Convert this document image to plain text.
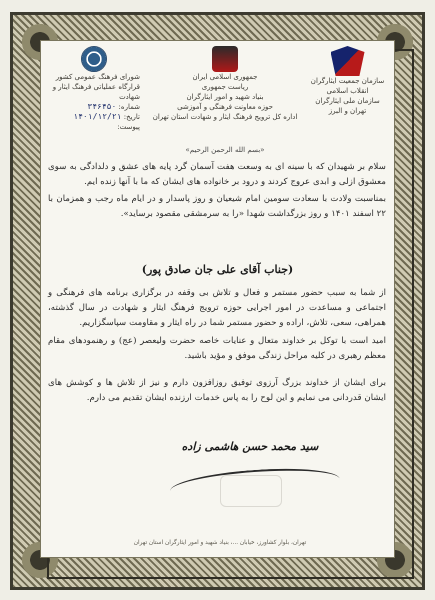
شورای فرهنگ عمومی کشور
قرارگاه عملیاتی فرهنگ ایثار و شهادت
شماره: ۳۴۶۴۵۰
تاریخ: ۱۴۰۱/۱۲/۲۱
پیوست:
جمهوری اسلامی ایران
ریاست جمهوری
بنیاد شهید و امور ایثارگران
حوزه معاونت فرهنگی و آموزشی
اداره کل ترویج فرهنگ ایثار و شهادت استان تهران
سازمان جمعیت ایثارگران انقلاب اسلامی
سازمان ملی ایثارگران
تهران و البرز
«بسم الله الرحمن الرحیم»
سلام بر شهیدان که با سینه ای به وسعت هفت آسمان گرد پایه های عشق و دلدادگی به سوی معشوق ازلی و ابدی عروج کردند و درود بر خانواده های ایشان که ما با آنها زنده ایم.
بمناسبت ولادت با سعادت سومین امام شیعیان و روز پاسدار و در ایام ماه رجب و همزمان با ۲۲ اسفند ۱۴۰۱ و روز بزرگداشت شهدا «را به سرمشقی مقصود برساید».
(جناب آقای علی جان صادق پور)
از شما به سبب حضور مستمر و فعال و تلاش بی وقفه در برگزاری برنامه های فرهنگی و اجتماعی و مساعدت در امور اجرایی حوزه ترویج فرهنگ ایثار و شهادت در سال گذشته، همراهی، سعی، تلاش، اراده و حضور مستمر شما در راه ایثار و مقاومت سپاسگزاریم.
امید است با توکل بر خداوند متعال و عنایات خاصه حضرت ولیعصر (عج) و رهنمودهای مقام معظم رهبری در کلیه مراحل زندگی موفق و مؤید باشید.
برای ایشان از خداوند بزرگ آرزوی توفیق روزافزون دارم و نیز از تلاش ها و کوشش های ایشان قدردانی می نمایم و این لوح را به پاس خدمات ارزنده ایشان تقدیم می دارم.
سید محمد حسن هاشمی زاده
تهران، بلوار کشاورز، خیابان ...، بنیاد شهید و امور ایثارگران استان تهران
